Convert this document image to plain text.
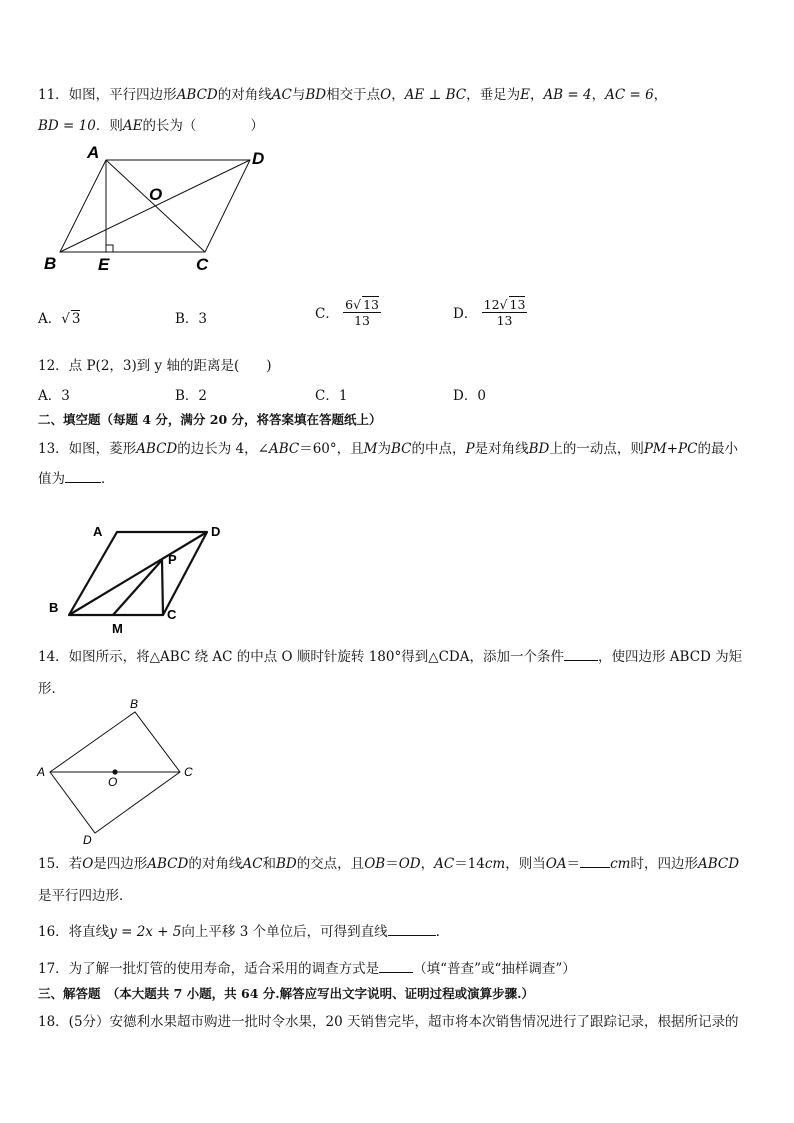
11．如图，平行四边形ABCD的对角线AC与BD相交于点O，AE ⊥ BC，垂足为E，AB = 4，AC = 6，
BD = 10．则AE的长为（　　　　）
A	D
O
B E	C
A．√ 3	B．3	C． $\frac{6√ 13}{13}$	D． $\frac{12√ 13}{13}$
12．点 P(2，3)到 y 轴的距离是(　　)
A．3	B．2	C．1	D．0
二、填空题（每题 4 分，满分 20 分，将答案填在答题纸上）
13．如图，菱形ABCD的边长为 4，∠ABC＝60°，且M为BC的中点，P是对角线BD上的一动点，则PM+PC的最小
值为	．
A	D
P
B	C
M
14．如图所示，将△ABC 绕 AC 的中点 O 顺时针旋转 180°得到△CDA，添加一个条件	，使四边形 ABCD 为矩
形．
B
A
O
C
D
15．若O是四边形ABCD的对角线AC和BD的交点，且OB＝OD，AC＝14cm，则当OA＝ cm时，四边形ABCD
是平行四边形．
16．将直线y = 2x + 5向上平移 3 个单位后，可得到直线	.
17．为了解一批灯管的使用寿命，适合采用的调查方式是	（填“普查”或“抽样调查”）
三、解答题　（本大题共 7 小题，共 64 分.解答应写出文字说明、证明过程或演算步骤.）
18．(5分）安德利水果超市购进一批时令水果，20 天销售完毕，超市将本次销售情况进行了跟踪记录，根据所记录的
